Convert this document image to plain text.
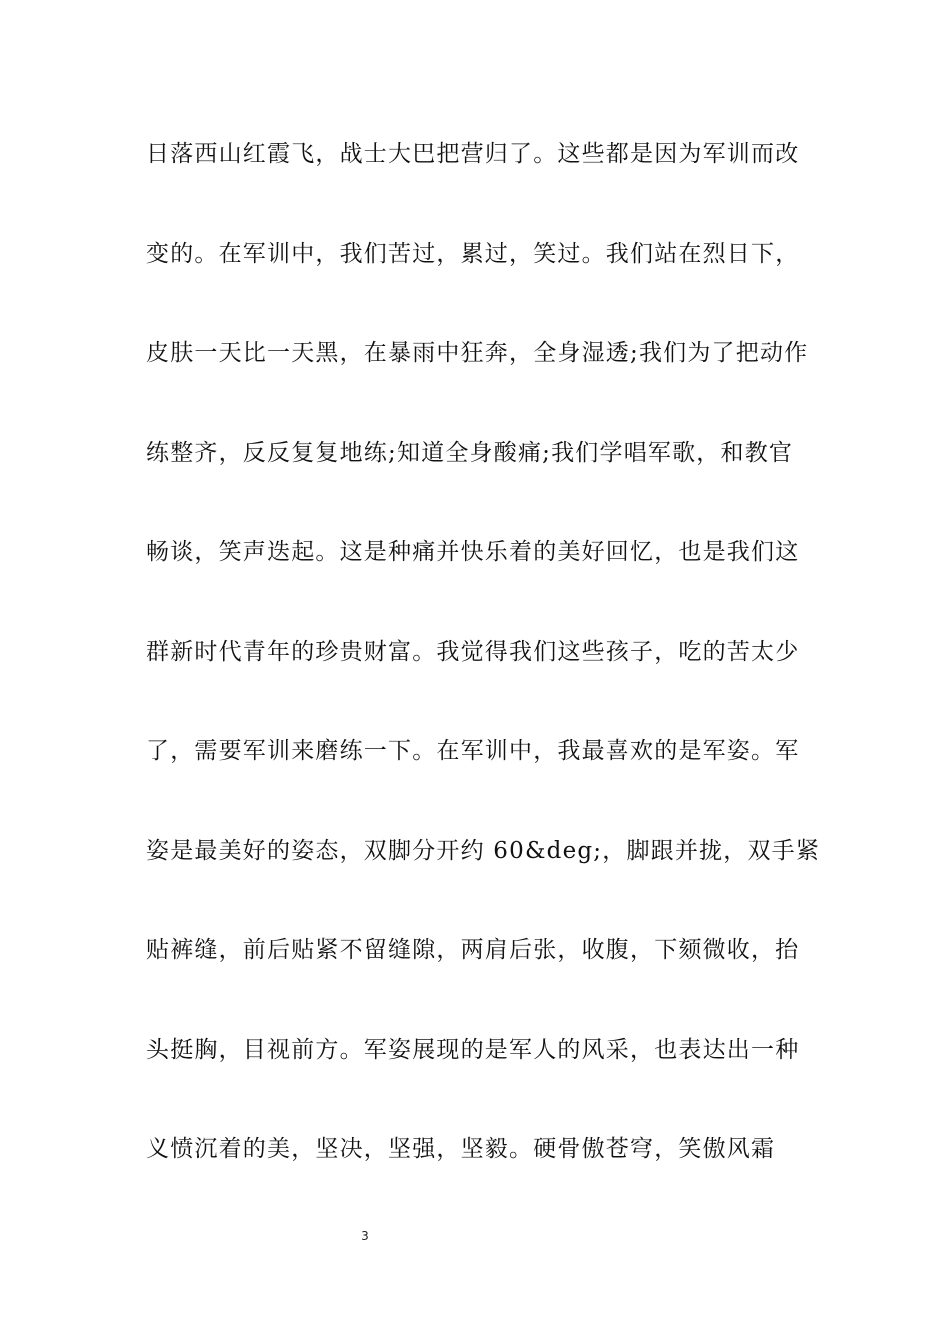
日落西山红霞飞，战士大巴把营归了。这些都是因为军训而改
变的。在军训中，我们苦过，累过，笑过。我们站在烈日下，
皮肤一天比一天黑，在暴雨中狂奔，全身湿透;我们为了把动作
练整齐，反反复复地练;知道全身酸痛;我们学唱军歌，和教官
畅谈，笑声迭起。这是种痛并快乐着的美好回忆，也是我们这
群新时代青年的珍贵财富。我觉得我们这些孩子，吃的苦太少
了，需要军训来磨练一下。在军训中，我最喜欢的是军姿。军
姿是最美好的姿态，双脚分开约 60&deg;，脚跟并拢，双手紧
贴裤缝，前后贴紧不留缝隙，两肩后张，收腹，下颏微收，抬
头挺胸，目视前方。军姿展现的是军人的风采，也表达出一种
义愤沉着的美，坚决，坚强，坚毅。硬骨傲苍穹，笑傲风霜
3
